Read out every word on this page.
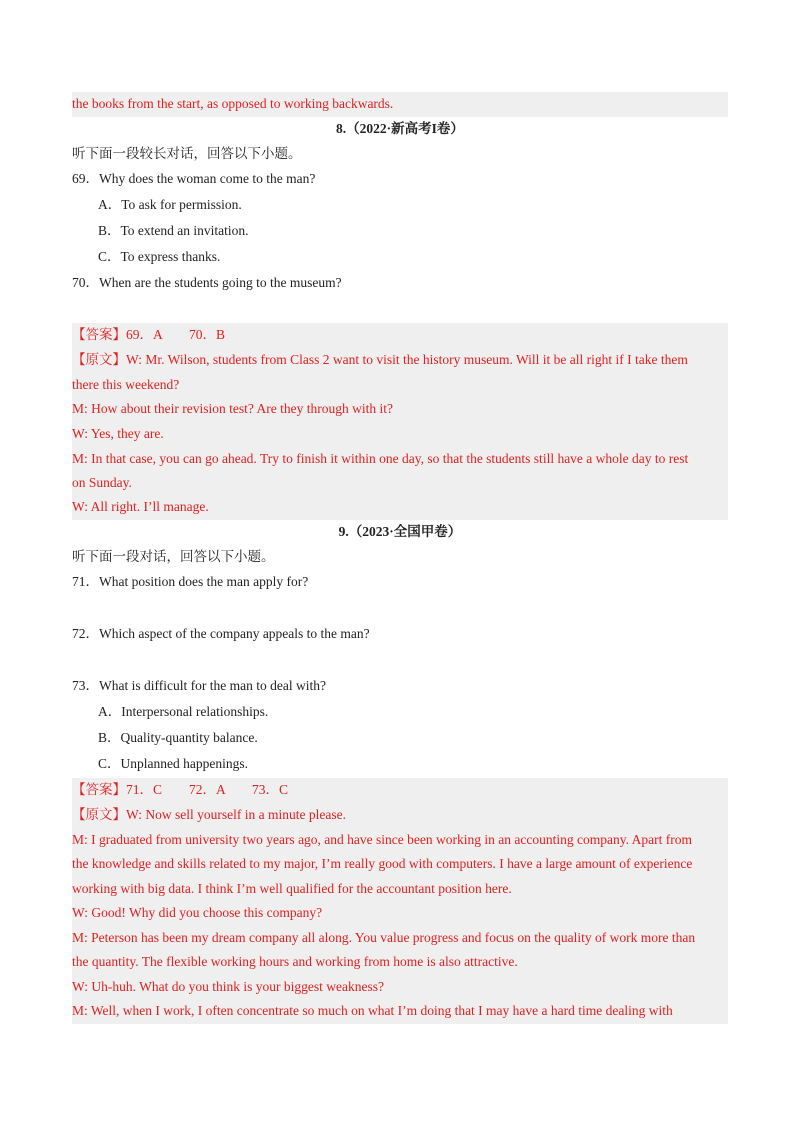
the books from the start, as opposed to working backwards.
8.（2022·新高考I卷）
听下面一段较长对话，回答以下小题。
69．Why does the woman come to the man?
A．To ask for permission.
B．To extend an invitation.
C．To express thanks.
70．When are the students going to the museum?
【答案】69．A　　70．B
【原文】W: Mr. Wilson, students from Class 2 want to visit the history museum. Will it be all right if I take them
there this weekend?
M: How about their revision test? Are they through with it?
W: Yes, they are.
M: In that case, you can go ahead. Try to finish it within one day, so that the students still have a whole day to rest
on Sunday.
W: All right. I’ll manage.
9.（2023·全国甲卷）
听下面一段对话，回答以下小题。
71．What position does the man apply for?
72．Which aspect of the company appeals to the man?
73．What is difficult for the man to deal with?
A．Interpersonal relationships.
B．Quality-quantity balance.
C．Unplanned happenings.
【答案】71．C　　72．A　　73．C
【原文】W: Now sell yourself in a minute please.
M: I graduated from university two years ago, and have since been working in an accounting company. Apart from
the knowledge and skills related to my major, I’m really good with computers. I have a large amount of experience
working with big data. I think I’m well qualified for the accountant position here.
W: Good! Why did you choose this company?
M: Peterson has been my dream company all along. You value progress and focus on the quality of work more than
the quantity. The flexible working hours and working from home is also attractive.
W: Uh-huh. What do you think is your biggest weakness?
M: Well, when I work, I often concentrate so much on what I’m doing that I may have a hard time dealing with
